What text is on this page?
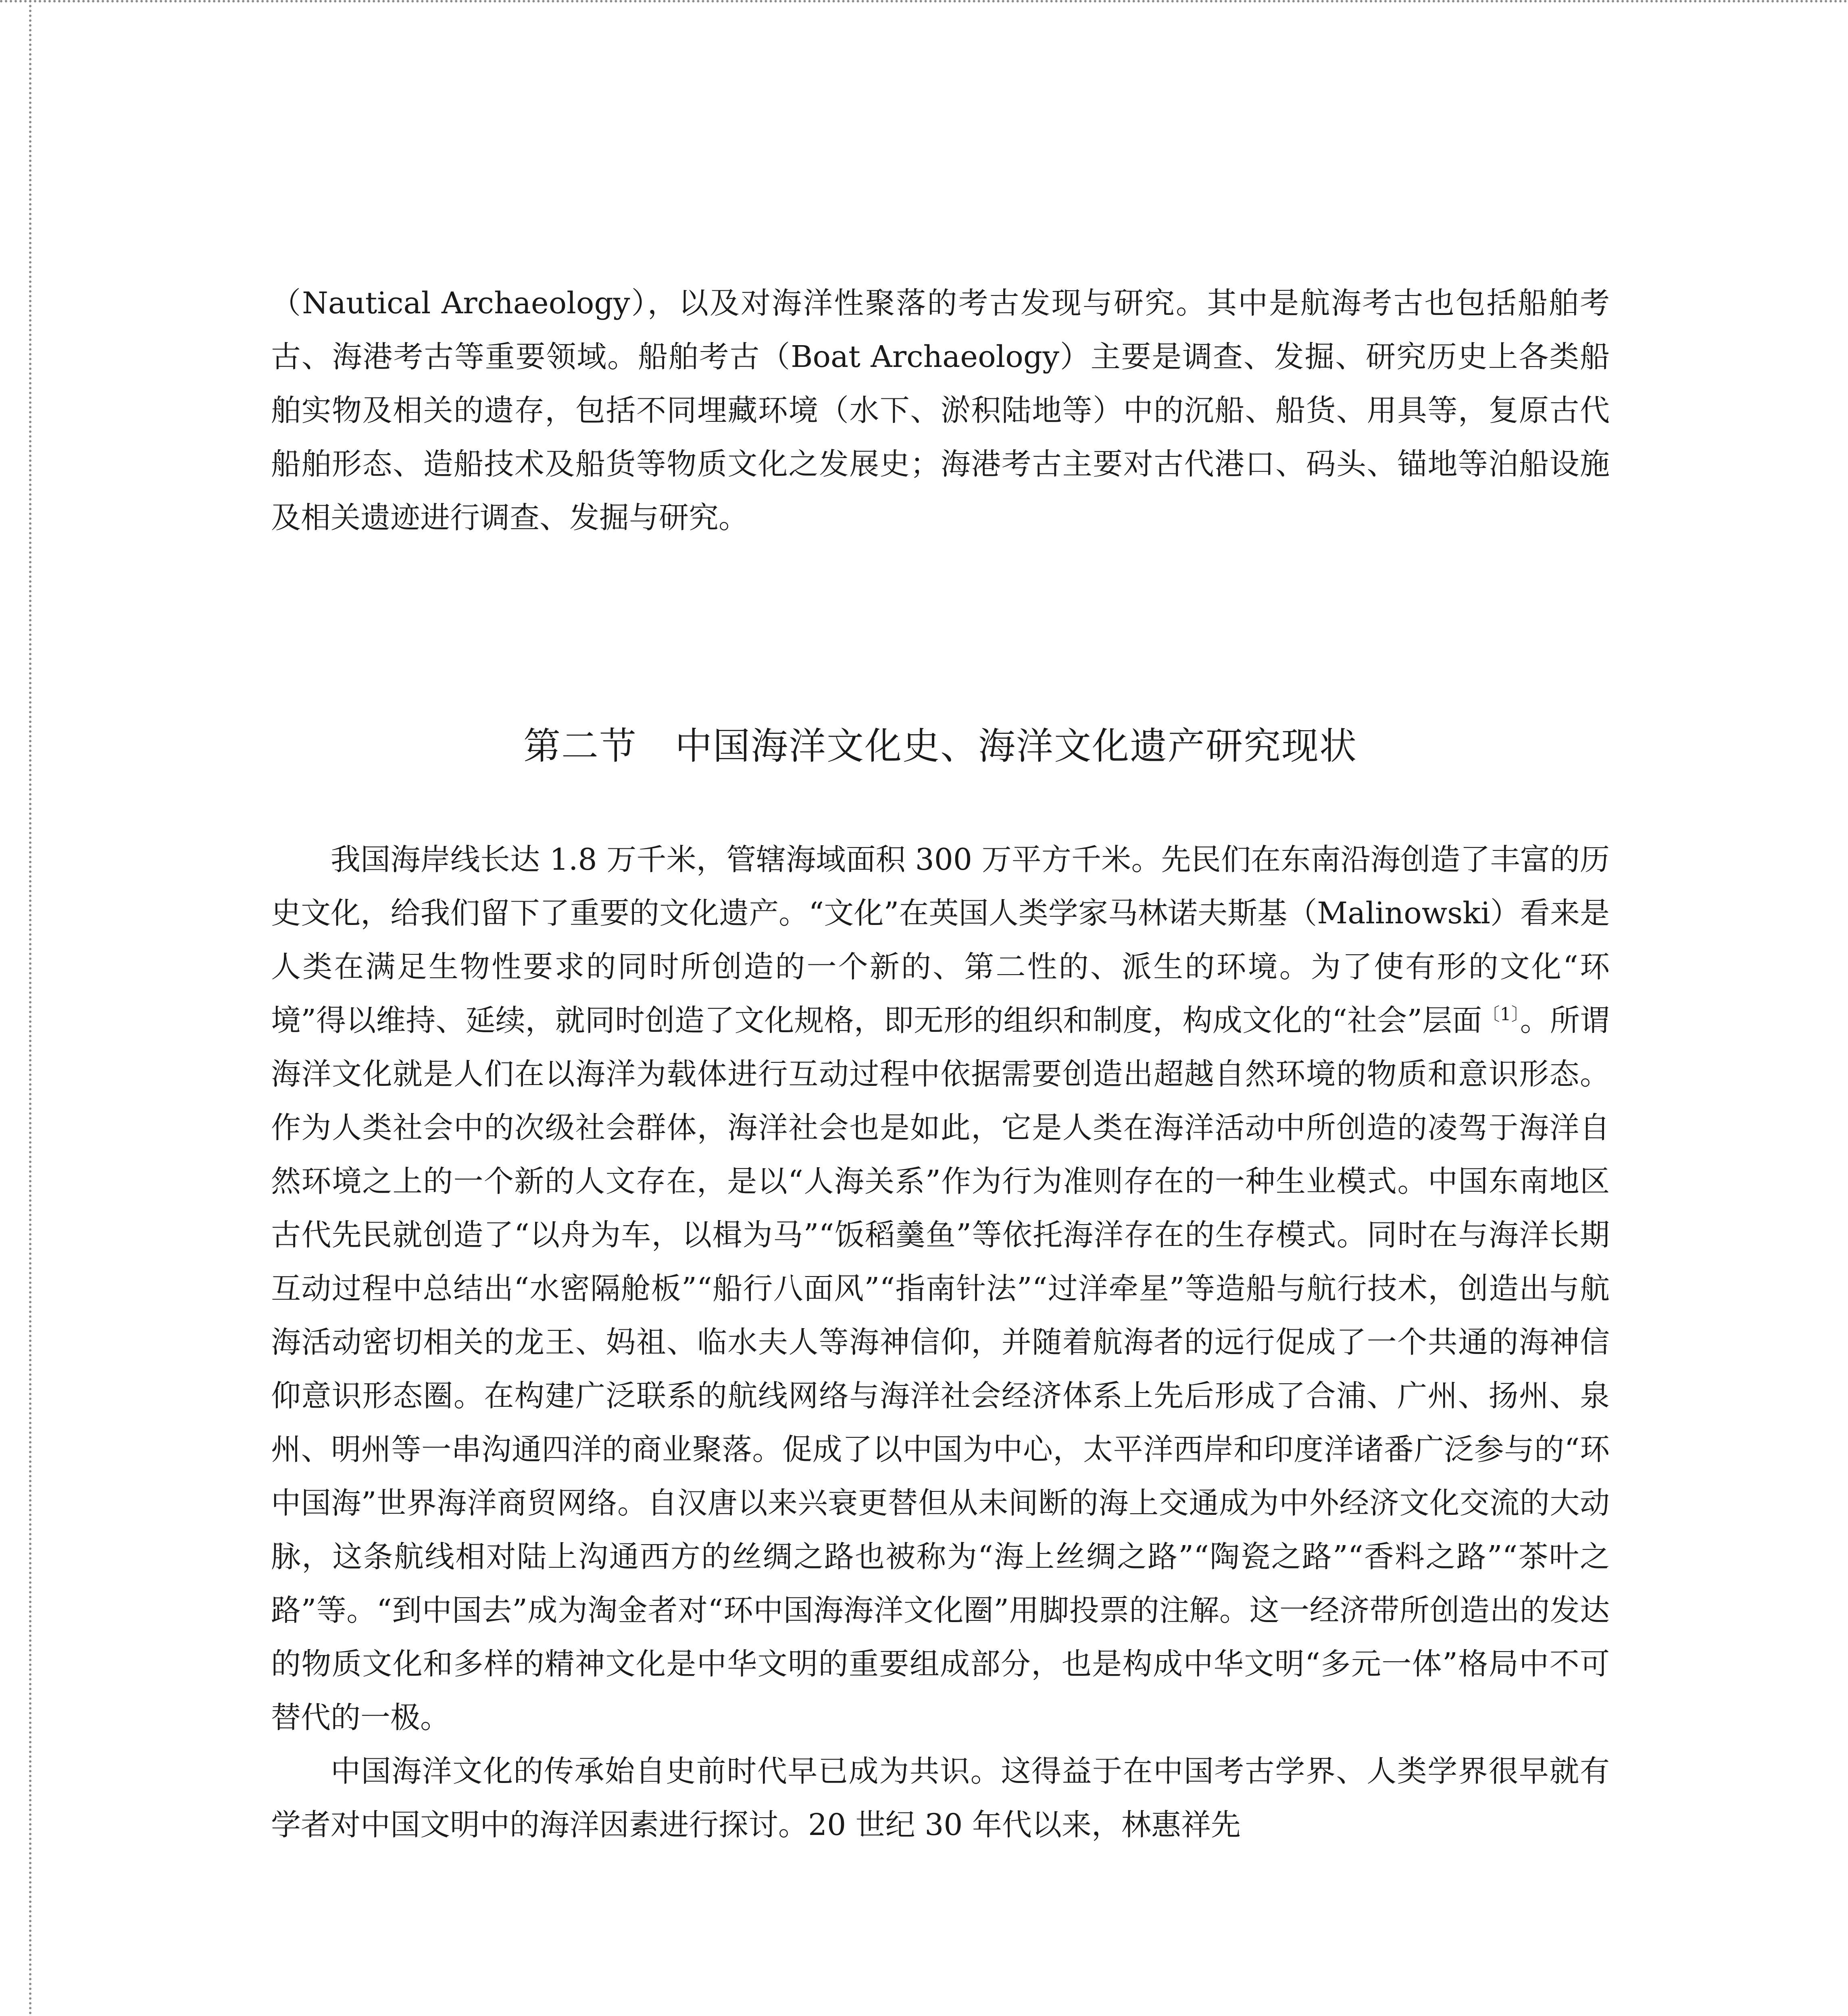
（Nautical Archaeology），以及对海洋性聚落的考古发现与研究。其中是航海考古也包括船舶考古、海港考古等重要领域。船舶考古（Boat Archaeology）主要是调查、发掘、研究历史上各类船舶实物及相关的遗存，包括不同埋藏环境（水下、淤积陆地等）中的沉船、船货、用具等，复原古代船舶形态、造船技术及船货等物质文化之发展史；海港考古主要对古代港口、码头、锚地等泊船设施及相关遗迹进行调查、发掘与研究。

第二节　中国海洋文化史、海洋文化遗产研究现状

我国海岸线长达 1.8 万千米，管辖海域面积 300 万平方千米。先民们在东南沿海创造了丰富的历史文化，给我们留下了重要的文化遗产。“文化”在英国人类学家马林诺夫斯基（Malinowski）看来是人类在满足生物性要求的同时所创造的一个新的、第二性的、派生的环境。为了使有形的文化“环境”得以维持、延续，就同时创造了文化规格，即无形的组织和制度，构成文化的“社会”层面$^{〔1〕}$。所谓海洋文化就是人们在以海洋为载体进行互动过程中依据需要创造出超越自然环境的物质和意识形态。作为人类社会中的次级社会群体，海洋社会也是如此，它是人类在海洋活动中所创造的凌驾于海洋自然环境之上的一个新的人文存在，是以“人海关系”作为行为准则存在的一种生业模式。中国东南地区古代先民就创造了“以舟为车，以楫为马”“饭稻羹鱼”等依托海洋存在的生存模式。同时在与海洋长期互动过程中总结出“水密隔舱板”“船行八面风”“指南针法”“过洋牵星”等造船与航行技术，创造出与航海活动密切相关的龙王、妈祖、临水夫人等海神信仰，并随着航海者的远行促成了一个共通的海神信仰意识形态圈。在构建广泛联系的航线网络与海洋社会经济体系上先后形成了合浦、广州、扬州、泉州、明州等一串沟通四洋的商业聚落。促成了以中国为中心，太平洋西岸和印度洋诸番广泛参与的“环中国海”世界海洋商贸网络。自汉唐以来兴衰更替但从未间断的海上交通成为中外经济文化交流的大动脉，这条航线相对陆上沟通西方的丝绸之路也被称为“海上丝绸之路”“陶瓷之路”“香料之路”“茶叶之路”等。“到中国去”成为淘金者对“环中国海海洋文化圈”用脚投票的注解。这一经济带所创造出的发达的物质文化和多样的精神文化是中华文明的重要组成部分，也是构成中华文明“多元一体”格局中不可替代的一极。

中国海洋文化的传承始自史前时代早已成为共识。这得益于在中国考古学界、人类学界很早就有学者对中国文明中的海洋因素进行探讨。20 世纪 30 年代以来，林惠祥先
